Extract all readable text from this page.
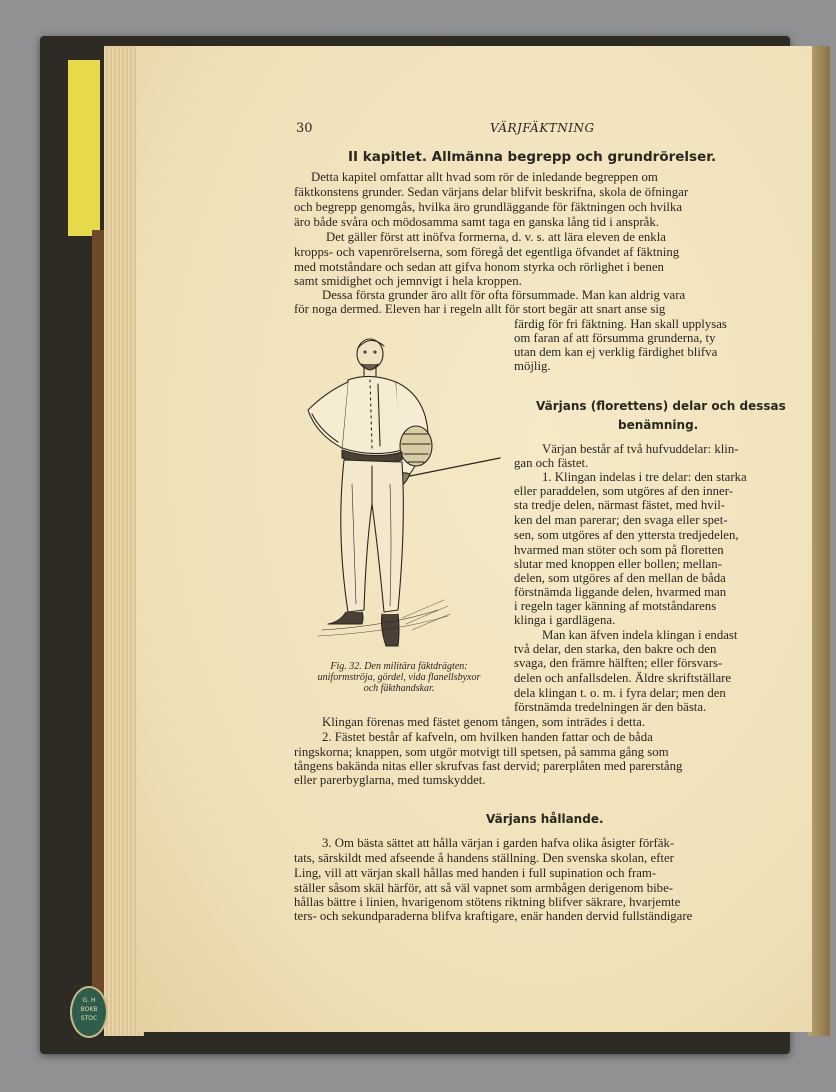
G. H
BOKB
STOC
30	VÄRJFÄKTNING
II kapitlet. Allmänna begrepp och grundrörelser.
Detta kapitel omfattar allt hvad som rör de inledande begreppen om
fäktkonstens grunder. Sedan värjans delar blifvit beskrifna, skola de öfningar
och begrepp genomgås, hvilka äro grundläggande för fäktningen och hvilka
äro både svåra och mödosamma samt taga en ganska lång tid i anspråk.
Det gäller först att inöfva formerna, d. v. s. att lära eleven de enkla
kropps- och vapenrörelserna, som föregå det egentliga öfvandet af fäktning
med motståndare och sedan att gifva honom styrka och rörlighet i benen
samt smidighet och jemnvigt i hela kroppen.
Dessa första grunder äro allt för ofta försummade. Man kan aldrig vara
för noga dermed. Eleven har i regeln allt för stort begär att snart anse sig
färdig för fri fäktning. Han skall upplysas
om faran af att försumma grunderna, ty
utan dem kan ej verklig färdighet blifva
möjlig.
Värjans (florettens) delar och dessas
benämning.
Värjan består af två hufvuddelar: klin-
gan och fästet.
1. Klingan indelas i tre delar: den starka
eller paraddelen, som utgöres af den inner-
sta tredje delen, närmast fästet, med hvil-
ken del man parerar; den svaga eller spet-
sen, som utgöres af den yttersta tredjedelen,
hvarmed man stöter och som på floretten
slutar med knoppen eller bollen; mellan-
delen, som utgöres af den mellan de båda
förstnämda liggande delen, hvarmed man
i regeln tager känning af motståndarens
klinga i gardlägena.
Man kan äfven indela klingan i endast
två delar, den starka, den bakre och den
svaga, den främre hälften; eller försvars-
delen och anfallsdelen. Äldre skriftställare
dela klingan t. o. m. i fyra delar; men den
förstnämda tredelningen är den bästa.
Fig. 32. Den militära fäktdrägten:
uniformströja, gördel, vida flanellsbyxor
och fäkthandskar.
Klingan förenas med fästet genom tången, som inträdes i detta.
2. Fästet består af kafveln, om hvilken handen fattar och de båda
ringskorna; knappen, som utgör motvigt till spetsen, på samma gång som
tångens bakända nitas eller skrufvas fast dervid; parerplåten med parerstång
eller parerbyglarna, med tumskyddet.
Värjans hållande.
3. Om bästa sättet att hålla värjan i garden hafva olika åsigter förfäk-
tats, särskildt med afseende å handens ställning. Den svenska skolan, efter
Ling, vill att värjan skall hållas med handen i full supination och fram-
ställer såsom skäl härför, att så väl vapnet som armbågen derigenom bibe-
hållas bättre i linien, hvarigenom stötens riktning blifver säkrare, hvarjemte
ters- och sekundparaderna blifva kraftigare, enär handen dervid fullständigare
